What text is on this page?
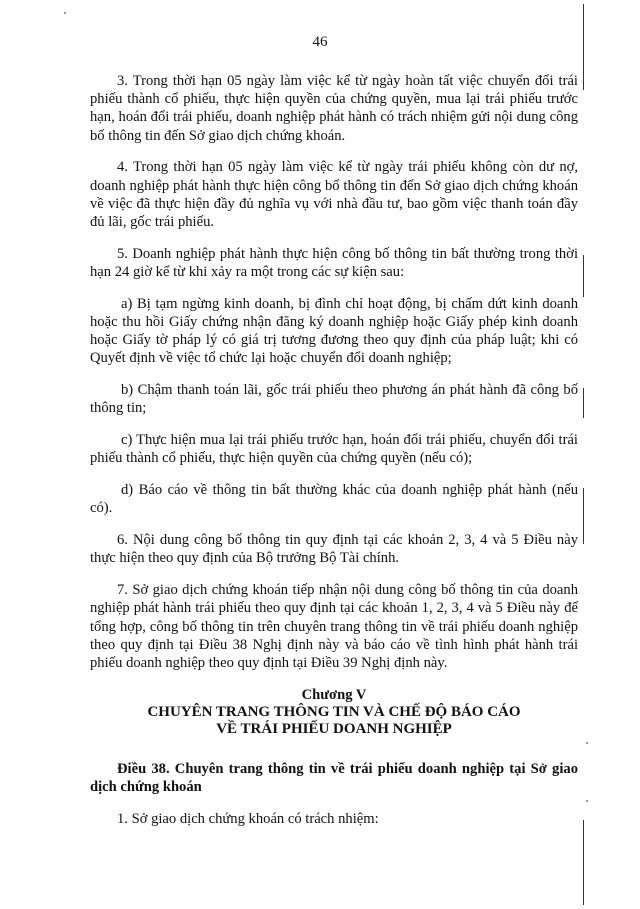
46

3. Trong thời hạn 05 ngày làm việc kể từ ngày hoàn tất việc chuyển đổi trái phiếu thành cổ phiếu, thực hiện quyền của chứng quyền, mua lại trái phiếu trước hạn, hoán đổi trái phiếu, doanh nghiệp phát hành có trách nhiệm gửi nội dung công bố thông tin đến Sở giao dịch chứng khoán.

4. Trong thời hạn 05 ngày làm việc kể từ ngày trái phiếu không còn dư nợ, doanh nghiệp phát hành thực hiện công bố thông tin đến Sở giao dịch chứng khoán về việc đã thực hiện đầy đủ nghĩa vụ với nhà đầu tư, bao gồm việc thanh toán đầy đủ lãi, gốc trái phiếu.

5. Doanh nghiệp phát hành thực hiện công bố thông tin bất thường trong thời hạn 24 giờ kể từ khi xảy ra một trong các sự kiện sau:

a) Bị tạm ngừng kinh doanh, bị đình chỉ hoạt động, bị chấm dứt kinh doanh hoặc thu hồi Giấy chứng nhận đăng ký doanh nghiệp hoặc Giấy phép kinh doanh hoặc Giấy tờ pháp lý có giá trị tương đương theo quy định của pháp luật; khi có Quyết định về việc tổ chức lại hoặc chuyển đổi doanh nghiệp;

b) Chậm thanh toán lãi, gốc trái phiếu theo phương án phát hành đã công bố thông tin;

c) Thực hiện mua lại trái phiếu trước hạn, hoán đổi trái phiếu, chuyển đổi trái phiếu thành cổ phiếu, thực hiện quyền của chứng quyền (nếu có);

d) Báo cáo về thông tin bất thường khác của doanh nghiệp phát hành (nếu có).

6. Nội dung công bố thông tin quy định tại các khoản 2, 3, 4 và 5 Điều này thực hiện theo quy định của Bộ trưởng Bộ Tài chính.

7. Sở giao dịch chứng khoán tiếp nhận nội dung công bố thông tin của doanh nghiệp phát hành trái phiếu theo quy định tại các khoản 1, 2, 3, 4 và 5 Điều này để tổng hợp, công bố thông tin trên chuyên trang thông tin về trái phiếu doanh nghiệp theo quy định tại Điều 38 Nghị định này và báo cáo về tình hình phát hành trái phiếu doanh nghiệp theo quy định tại Điều 39 Nghị định này.

Chương V

CHUYÊN TRANG THÔNG TIN VÀ CHẾ ĐỘ BÁO CÁO

VỀ TRÁI PHIẾU DOANH NGHIỆP

Điều 38. Chuyên trang thông tin về trái phiếu doanh nghiệp tại Sở giao dịch chứng khoán

1. Sở giao dịch chứng khoán có trách nhiệm:
